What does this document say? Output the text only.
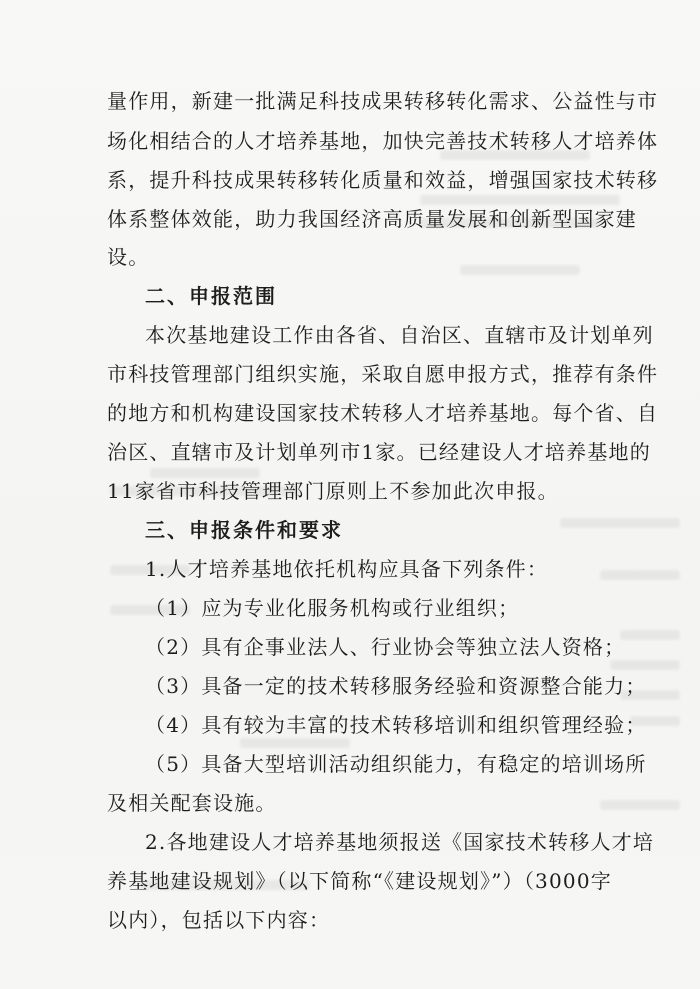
量作用，新建一批满足科技成果转移转化需求、公益性与市
场化相结合的人才培养基地，加快完善技术转移人才培养体
系，提升科技成果转移转化质量和效益，增强国家技术转移
体系整体效能，助力我国经济高质量发展和创新型国家建
设。
二、申报范围
本次基地建设工作由各省、自治区、直辖市及计划单列
市科技管理部门组织实施，采取自愿申报方式，推荐有条件
的地方和机构建设国家技术转移人才培养基地。每个省、自
治区、直辖市及计划单列市1家。已经建设人才培养基地的
11家省市科技管理部门原则上不参加此次申报。
三、申报条件和要求
1.人才培养基地依托机构应具备下列条件：
（1）应为专业化服务机构或行业组织；
（2）具有企事业法人、行业协会等独立法人资格；
（3）具备一定的技术转移服务经验和资源整合能力；
（4）具有较为丰富的技术转移培训和组织管理经验；
（5）具备大型培训活动组织能力，有稳定的培训场所
及相关配套设施。
2.各地建设人才培养基地须报送《国家技术转移人才培
养基地建设规划》（以下简称“《建设规划》”）（3000字
以内），包括以下内容：
